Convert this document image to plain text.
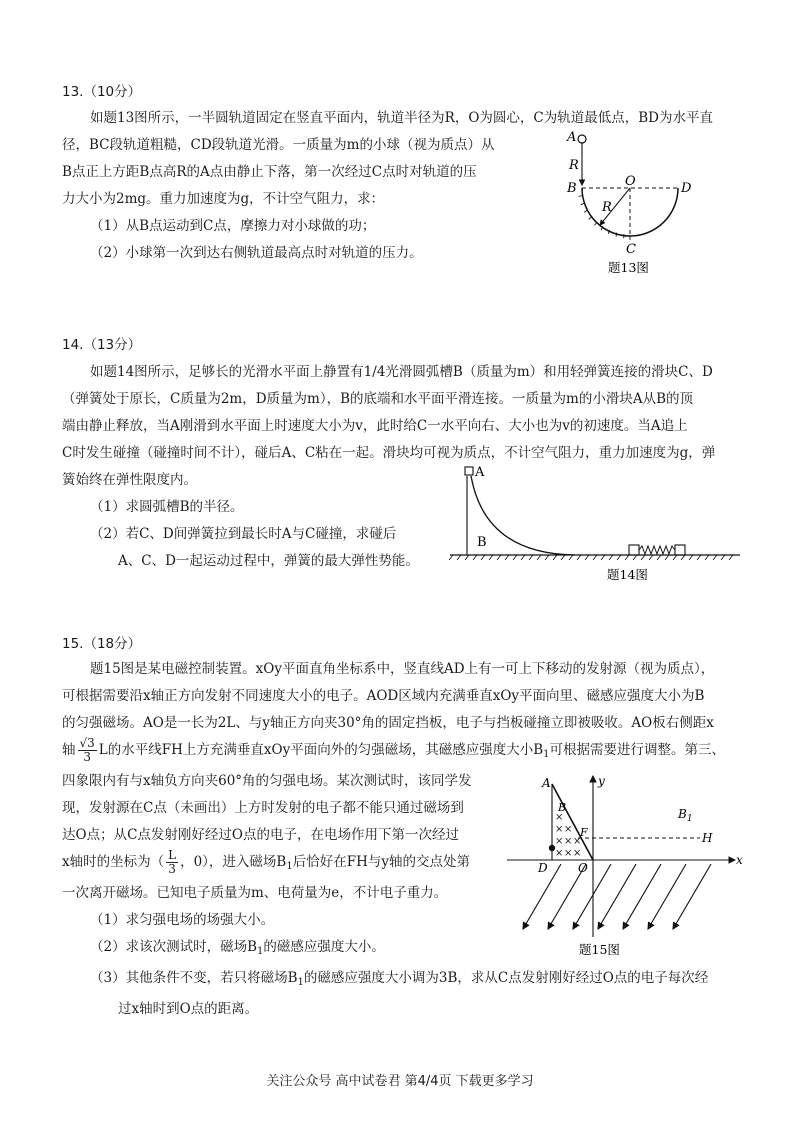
13.（10分）
如题13图所示，一半圆轨道固定在竖直平面内，轨道半径为R，O为圆心，C为轨道最低点，BD为水平直
径，BC段轨道粗糙，CD段轨道光滑。一质量为m的小球（视为质点）从
B点正上方距B点高R的A点由静止下落，第一次经过C点时对轨道的压
力大小为2mg。重力加速度为g，不计空气阻力，求：
（1）从B点运动到C点，摩擦力对小球做的功；
（2）小球第一次到达右侧轨道最高点时对轨道的压力。
A
R
B	O	D
R
C
题13图
14.（13分）
如题14图所示，足够长的光滑水平面上静置有1/4光滑圆弧槽B（质量为m）和用轻弹簧连接的滑块C、D
（弹簧处于原长，C质量为2m，D质量为m），B的底端和水平面平滑连接。一质量为m的小滑块A从B的顶
端由静止释放，当A刚滑到水平面上时速度大小为v，此时给C一水平向右、大小也为v的初速度。当A追上
C时发生碰撞（碰撞时间不计），碰后A、C粘在一起。滑块均可视为质点，不计空气阻力，重力加速度为g，弹
簧始终在弹性限度内。
（1）求圆弧槽B的半径。
（2）若C、D间弹簧拉到最长时A与C碰撞，求碰后
A、C、D一起运动过程中，弹簧的最大弹性势能。
A
B
题14图
15.（18分）
题15图是某电磁控制装置。xOy平面直角坐标系中，竖直线AD上有一可上下移动的发射源（视为质点），
可根据需要沿x轴正方向发射不同速度大小的电子。AOD区域内充满垂直xOy平面向里、磁感应强度大小为B
的匀强磁场。AO是一长为2L、与y轴正方向夹30°角的固定挡板，电子与挡板碰撞立即被吸收。AO板右侧距x
轴 $\frac{√3}{3}$ L的水平线FH上方充满垂直xOy平面向外的匀强磁场，其磁感应强度大小$B_1$可根据需要进行调整。第三、
四象限内有与x轴负方向夹60°角的匀强电场。某次测试时，该同学发
现，发射源在C点（未画出）上方时发射的电子都不能只通过磁场到
达O点；从C点发射刚好经过O点的电子，在电场作用下第一次经过
x轴时的坐标为（ $\frac{L}{3}$ ，0），进入磁场$B_1$后恰好在FH与y轴的交点处第
一次离开磁场。已知电子质量为m、电荷量为e，不计电子重力。
（1）求匀强电场的场强大小。
（2）求该次测试时，磁场$B_1$的磁感应强度大小。
（3）其他条件不变，若只将磁场$B_1$的磁感应强度大小调为3B，求从C点发射刚好经过O点的电子每次经
过x轴时到O点的距离。
×
× ×
× × ×
× × ×
A	y
B	$B_1$
F	H
x
D	O
题15图
关注公众号 高中试卷君 第4/4页 下载更多学习
